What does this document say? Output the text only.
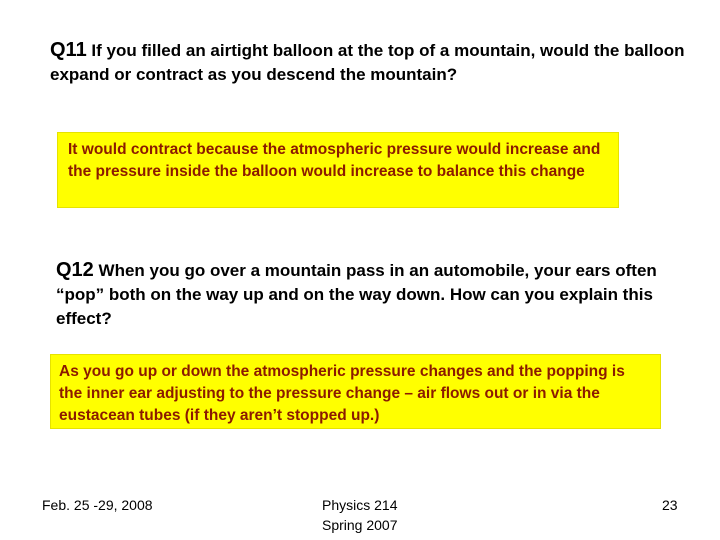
Q11 If you filled an airtight balloon at the top of a mountain, would the balloon expand or contract as you descend the mountain?
It would contract because the atmospheric pressure would increase and the pressure inside the balloon would increase to balance this change
Q12 When you go over a mountain pass in an automobile, your ears often “pop” both on the way up and on the way down. How can you explain this effect?
As you go up or down the atmospheric pressure changes and the popping is the inner ear adjusting to the pressure change – air flows out or in via the eustacean tubes (if they aren’t stopped up.)
Feb. 25 -29, 2008	Physics 214
Spring 2007
23
